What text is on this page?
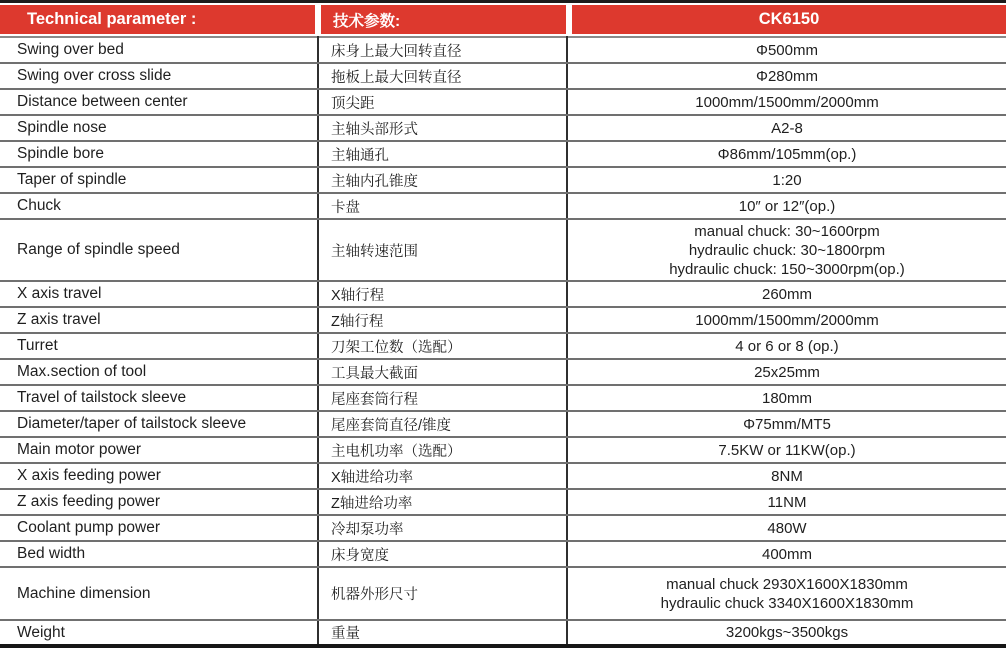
Technical parameter :	技术参数:	CK6150
Swing over bed	床身上最大回转直径	Φ500mm

Swing over cross slide	拖板上最大回转直径	Φ280mm

Distance between center	顶尖距	1000mm/1500mm/2000mm

Spindle nose	主轴头部形式	A2-8

Spindle bore	主轴通孔	Φ86mm/105mm(op.)

Taper of spindle	主轴内孔锥度	1:20

Chuck	卡盘	10″ or 12″(op.)

Range of spindle speed	主轴转速范围	manual chuck: 30~1600rpm
hydraulic chuck: 30~1800rpm
hydraulic chuck: 150~3000rpm(op.)

X axis travel	X轴行程	260mm

Z axis travel	Z轴行程	1000mm/1500mm/2000mm

Turret	刀架工位数（选配）	4 or 6 or 8 (op.)

Max.section of tool	工具最大截面	25x25mm

Travel of tailstock sleeve	尾座套筒行程	180mm

Diameter/taper of tailstock sleeve	尾座套筒直径/锥度	Φ75mm/MT5

Main motor power	主电机功率（选配）	7.5KW or 11KW(op.)

X axis feeding power	X轴进给功率	8NM

Z axis feeding power	Z轴进给功率	11NM

Coolant pump power	冷却泵功率	480W

Bed width	床身宽度	400mm

Machine dimension	机器外形尺寸	manual chuck 2930X1600X1830mm
hydraulic chuck 3340X1600X1830mm

Weight	重量	3200kgs~3500kgs
